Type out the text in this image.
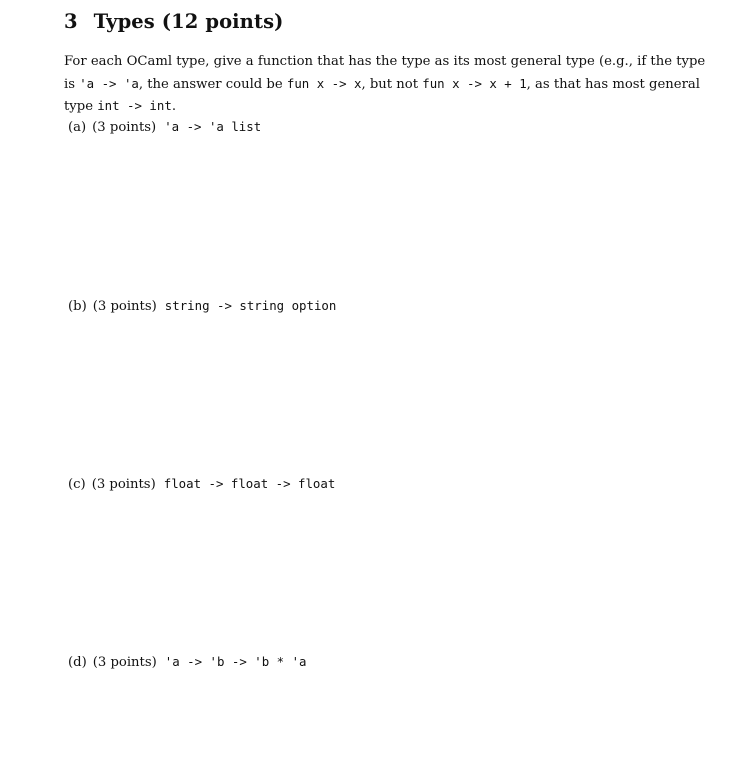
3 Types (12 points)
For each OCaml type, give a function that has the type as its most general type (e.g., if the type
is 'a -> 'a, the answer could be fun x -> x, but not fun x -> x + 1, as that has most general
type int -> int.
(a) (3 points) 'a -> 'a list
(b) (3 points) string -> string option
(c) (3 points) float -> float -> float
(d) (3 points) 'a -> 'b -> 'b * 'a
